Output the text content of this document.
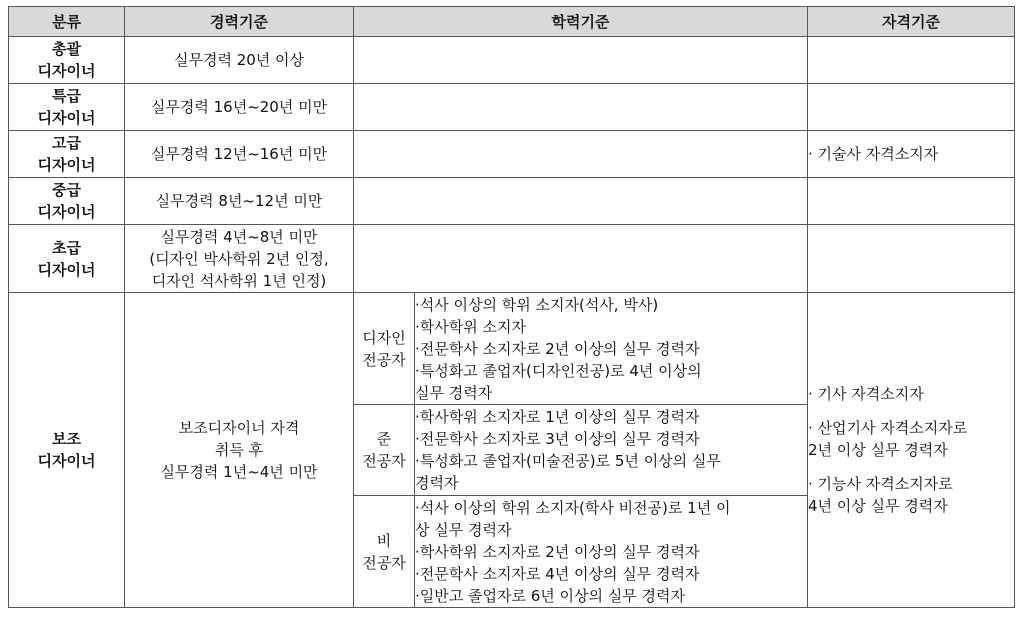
분류	경력기준	학력기준		자격기준

총괄
디자이너	실무경력 20년 이상			

특급
디자이너	실무경력 16년~20년 미만			

고급
디자이너	실무경력 12년~16년 미만			· 기술사 자격소지자

중급
디자이너	실무경력 8년~12년 미만			

초급
디자이너	실무경력 4년~8년 미만
(디자인 박사학위 2년 인정,
디자인 석사학위 1년 인정)			

보조
디자이너	보조디자이너 자격
취득 후
실무경력 1년~4년 미만	디자인
전공자	·석사 이상의 학위 소지자(석사, 박사)
·학사학위 소지자
·전문학사 소지자로 2년 이상의 실무 경력자
·특성화고 졸업자(디자인전공)로 4년 이상의
실무 경력자	· 기사 자격소지자
· 산업기사 자격소지자로
2년 이상 실무 경력자
· 기능사 자격소지자로
4년 이상 실무 경력자

		준
전공자	·학사학위 소지자로 1년 이상의 실무 경력자
·전문학사 소지자로 3년 이상의 실무 경력자
·특성화고 졸업자(미술전공)로 5년 이상의 실무
경력자	

		비
전공자	·석사 이상의 학위 소지자(학사 비전공)로 1년 이
상 실무 경력자
·학사학위 소지자로 2년 이상의 실무 경력자
·전문학사 소지자로 4년 이상의 실무 경력자
·일반고 졸업자로 6년 이상의 실무 경력자	
